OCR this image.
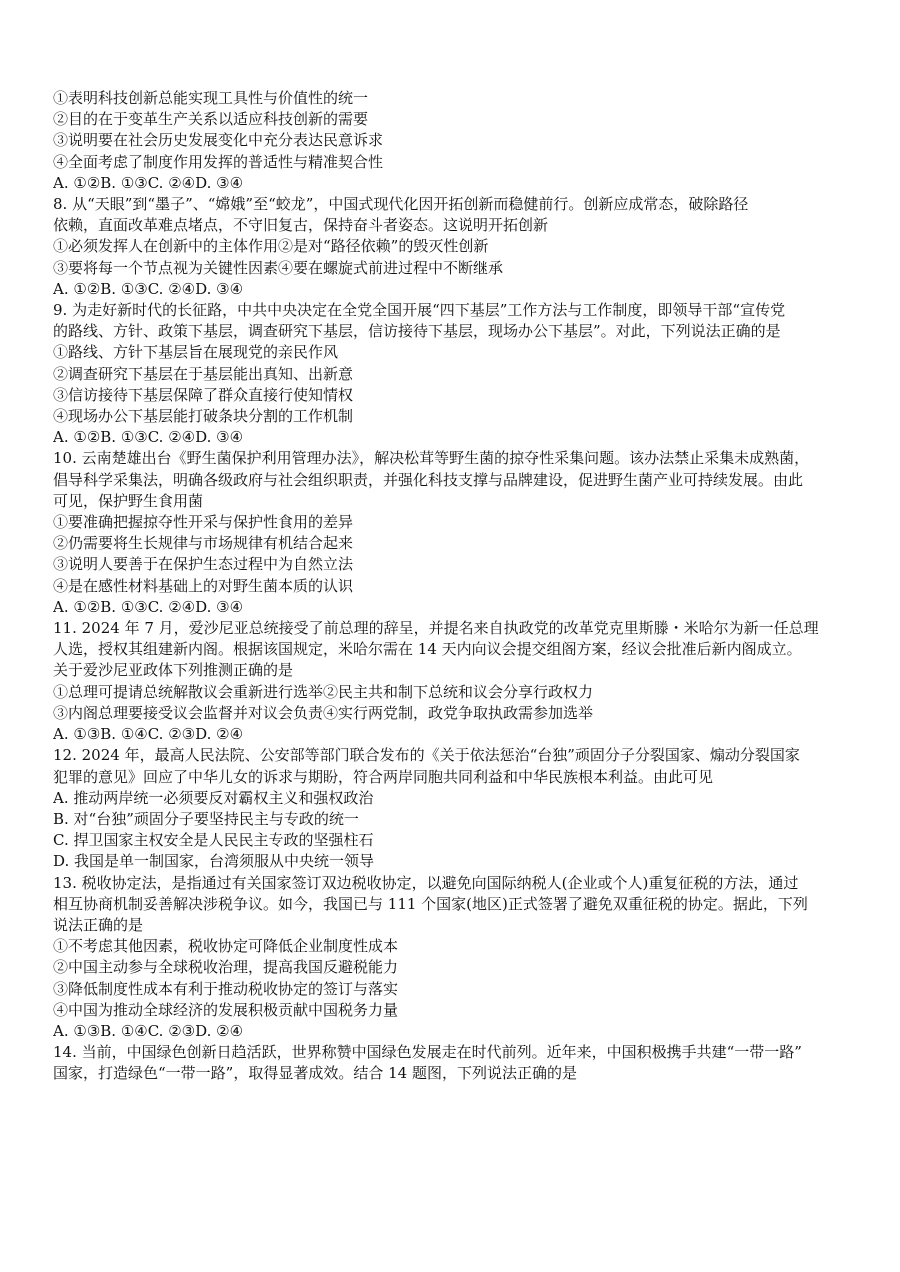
①表明科技创新总能实现工具性与价值性的统一
②目的在于变革生产关系以适应科技创新的需要
③说明要在社会历史发展变化中充分表达民意诉求
④全面考虑了制度作用发挥的普适性与精准契合性
A. ①②B. ①③C. ②④D. ③④
8. 从“天眼”到“墨子”、“嫦娥”至“蛟龙”，中国式现代化因开拓创新而稳健前行。创新应成常态，破除路径
依赖，直面改革难点堵点，不守旧复古，保持奋斗者姿态。这说明开拓创新
①必须发挥人在创新中的主体作用②是对“路径依赖”的毁灭性创新
③要将每一个节点视为关键性因素④要在螺旋式前进过程中不断继承
A. ①②B. ①③C. ②④D. ③④
9. 为走好新时代的长征路，中共中央决定在全党全国开展“四下基层”工作方法与工作制度，即领导干部“宣传党
的路线、方针、政策下基层，调查研究下基层，信访接待下基层，现场办公下基层”。对此，下列说法正确的是
①路线、方针下基层旨在展现党的亲民作风
②调查研究下基层在于基层能出真知、出新意
③信访接待下基层保障了群众直接行使知情权
④现场办公下基层能打破条块分割的工作机制
A. ①②B. ①③C. ②④D. ③④
10. 云南楚雄出台《野生菌保护利用管理办法》，解决松茸等野生菌的掠夺性采集问题。该办法禁止采集未成熟菌，
倡导科学采集法，明确各级政府与社会组织职责，并强化科技支撑与品牌建设，促进野生菌产业可持续发展。由此
可见，保护野生食用菌
①要准确把握掠夺性开采与保护性食用的差异
②仍需要将生长规律与市场规律有机结合起来
③说明人要善于在保护生态过程中为自然立法
④是在感性材料基础上的对野生菌本质的认识
A. ①②B. ①③C. ②④D. ③④
11. 2024 年 7 月，爱沙尼亚总统接受了前总理的辞呈，并提名来自执政党的改革党克里斯滕・米哈尔为新一任总理
人选，授权其组建新内阁。根据该国规定，米哈尔需在 14 天内向议会提交组阁方案，经议会批准后新内阁成立。
关于爱沙尼亚政体下列推测正确的是
①总理可提请总统解散议会重新进行选举②民主共和制下总统和议会分享行政权力
③内阁总理要接受议会监督并对议会负责④实行两党制，政党争取执政需参加选举
A. ①③B. ①④C. ②③D. ②④
12. 2024 年，最高人民法院、公安部等部门联合发布的《关于依法惩治“台独”顽固分子分裂国家、煽动分裂国家
犯罪的意见》回应了中华儿女的诉求与期盼，符合两岸同胞共同利益和中华民族根本利益。由此可见
A. 推动两岸统一必须要反对霸权主义和强权政治
B. 对“台独”顽固分子要坚持民主与专政的统一
C. 捍卫国家主权安全是人民民主专政的坚强柱石
D. 我国是单一制国家，台湾须服从中央统一领导
13. 税收协定法，是指通过有关国家签订双边税收协定，以避免向国际纳税人(企业或个人)重复征税的方法，通过
相互协商机制妥善解决涉税争议。如今，我国已与 111 个国家(地区)正式签署了避免双重征税的协定。据此，下列
说法正确的是
①不考虑其他因素，税收协定可降低企业制度性成本
②中国主动参与全球税收治理，提高我国反避税能力
③降低制度性成本有利于推动税收协定的签订与落实
④中国为推动全球经济的发展积极贡献中国税务力量
A. ①③B. ①④C. ②③D. ②④
14. 当前，中国绿色创新日趋活跃，世界称赞中国绿色发展走在时代前列。近年来，中国积极携手共建“一带一路”
国家，打造绿色“一带一路”，取得显著成效。结合 14 题图，下列说法正确的是
